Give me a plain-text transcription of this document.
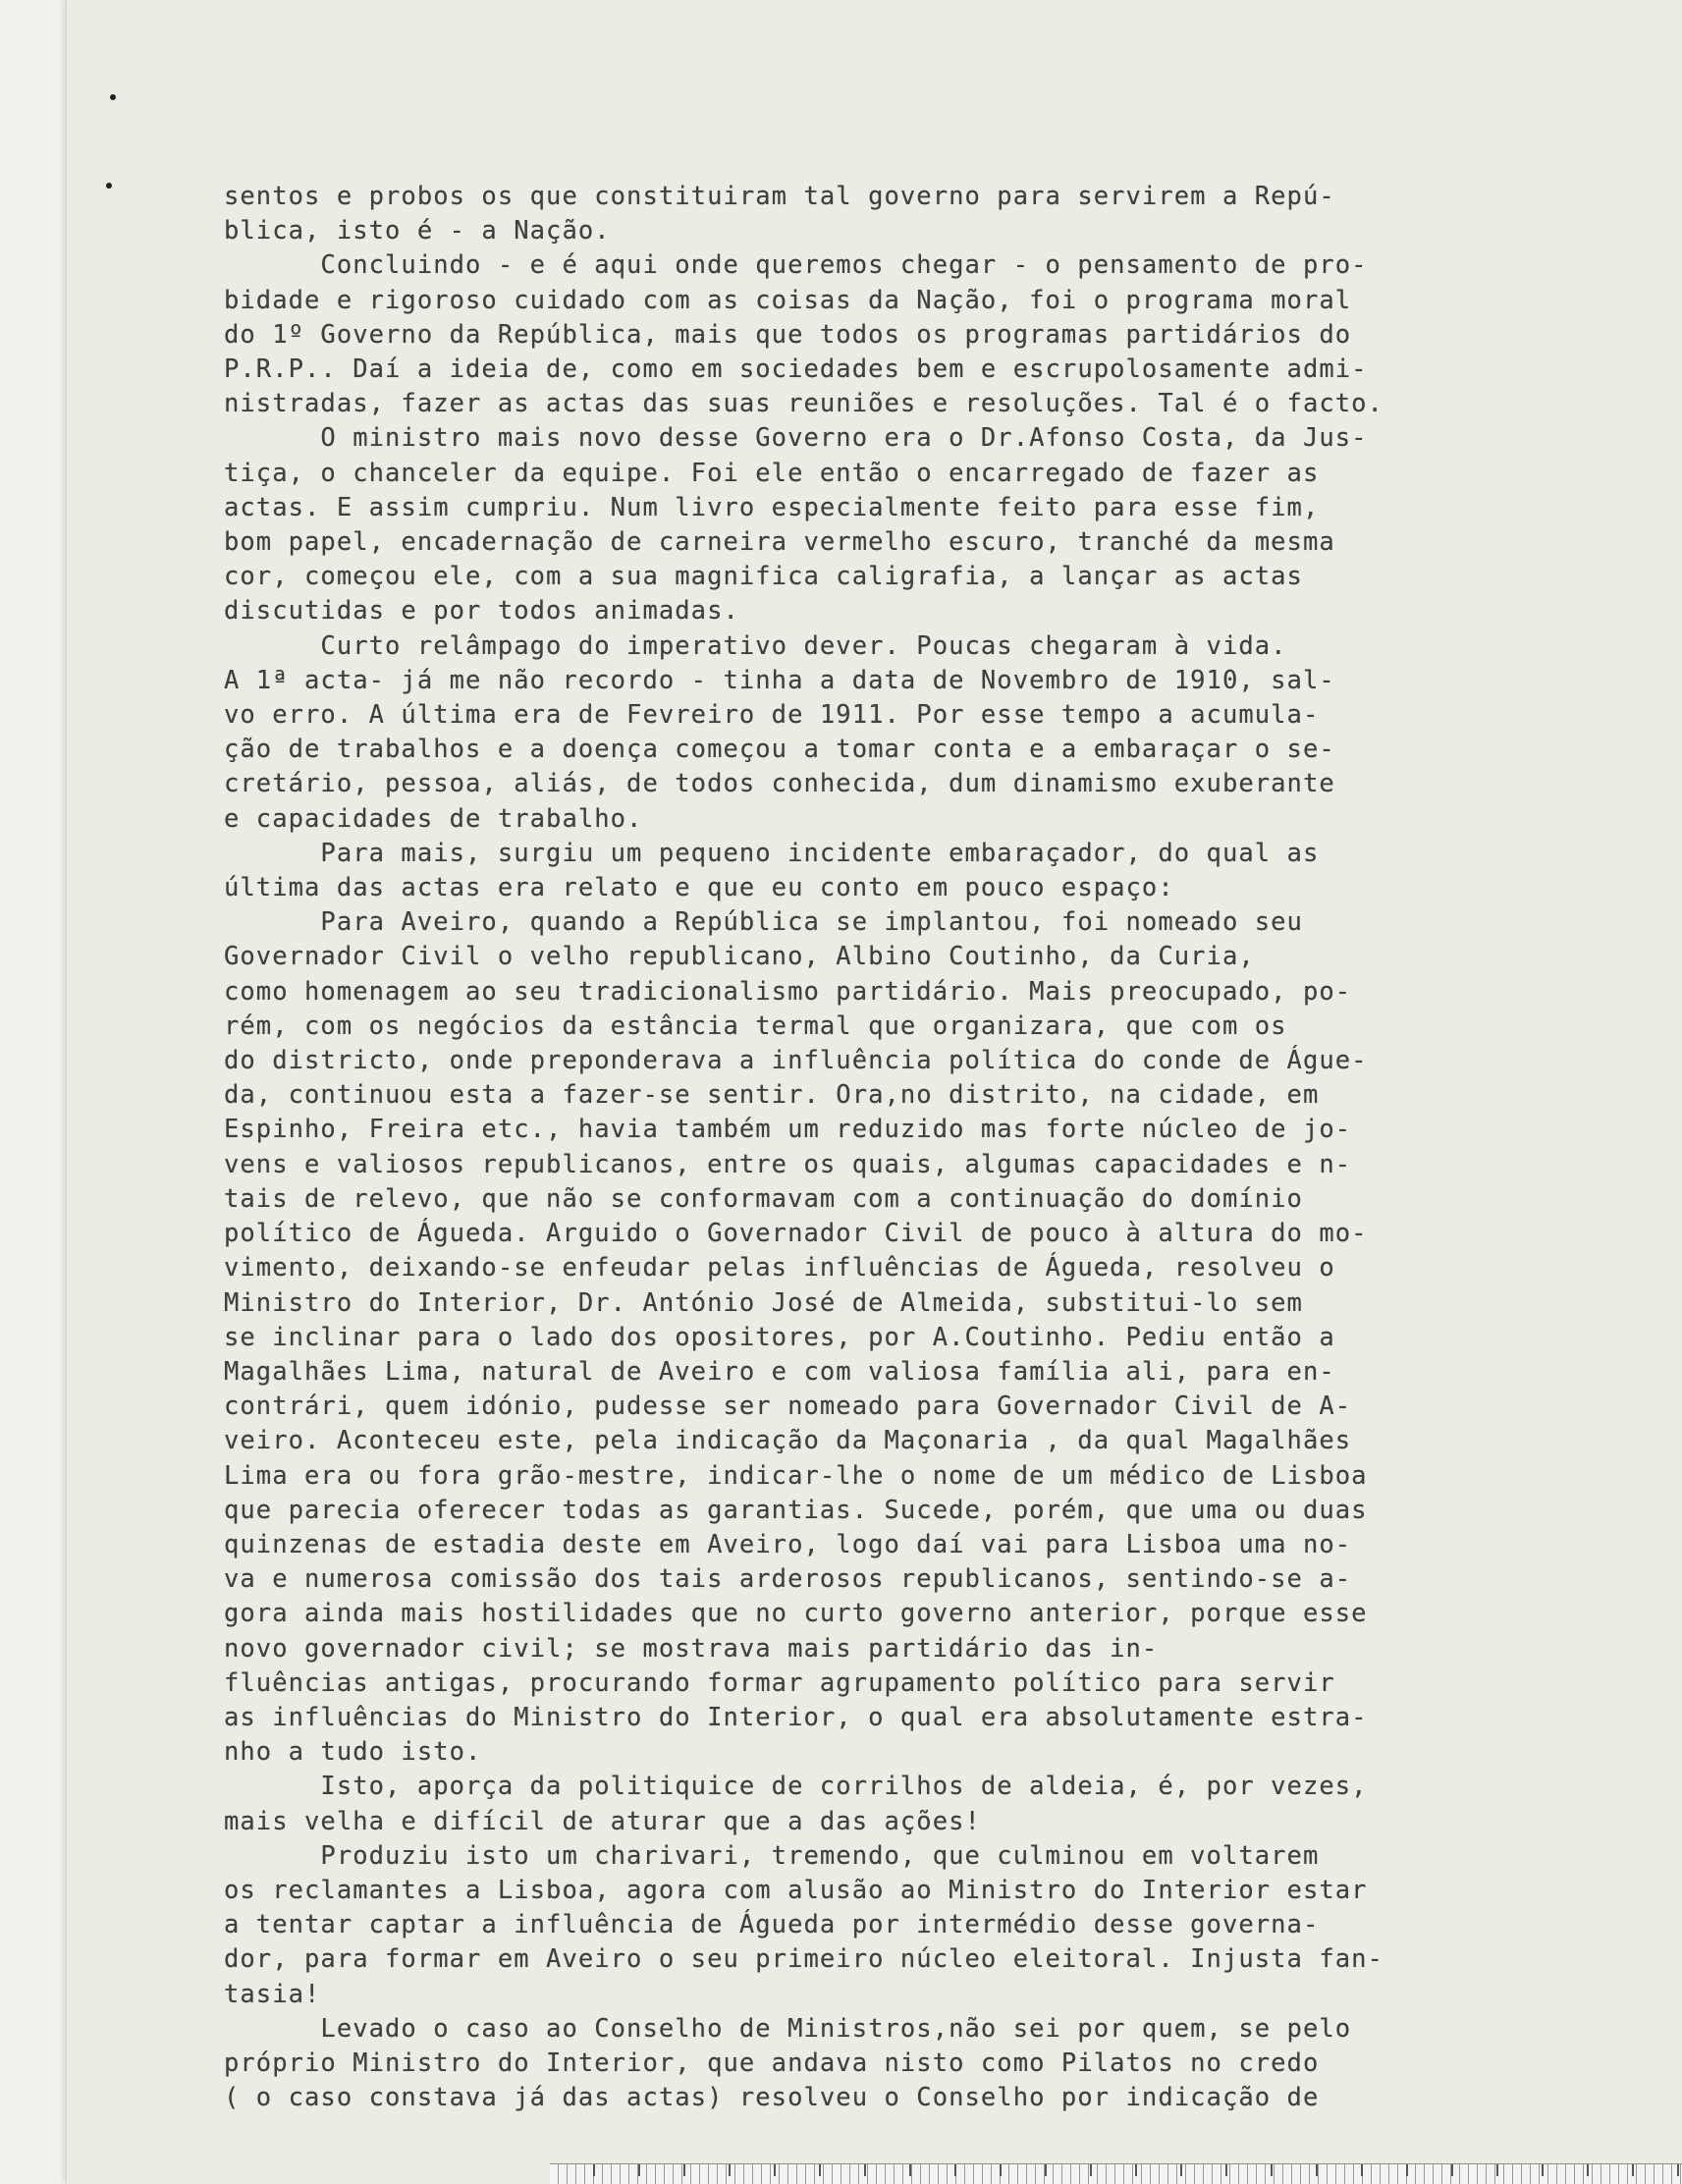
sentos e probos os que constituiram tal governo para servirem a Repú-
blica, isto é - a Nação.
Concluindo - e é aqui onde queremos chegar - o pensamento de pro-
bidade e rigoroso cuidado com as coisas da Nação, foi o programa moral
do 1º Governo da República, mais que todos os programas partidários do
P.R.P.. Daí a ideia de, como em sociedades bem e escrupolosamente admi-
nistradas, fazer as actas das suas reuniões e resoluções. Tal é o facto.
O ministro mais novo desse Governo era o Dr.Afonso Costa, da Jus-
tiça, o chanceler da equipe. Foi ele então o encarregado de fazer as
actas. E assim cumpriu. Num livro especialmente feito para esse fim,
bom papel, encadernação de carneira vermelho escuro, tranché da mesma
cor, começou ele, com a sua magnifica caligrafia, a lançar as actas
discutidas e por todos animadas.
Curto relâmpago do imperativo dever. Poucas chegaram à vida.
A 1ª acta- já me não recordo - tinha a data de Novembro de 1910, sal-
vo erro. A última era de Fevreiro de 1911. Por esse tempo a acumula-
ção de trabalhos e a doença começou a tomar conta e a embaraçar o se-
cretário, pessoa, aliás, de todos conhecida, dum dinamismo exuberante
e capacidades de trabalho.
Para mais, surgiu um pequeno incidente embaraçador, do qual as
última das actas era relato e que eu conto em pouco espaço:
Para Aveiro, quando a República se implantou, foi nomeado seu
Governador Civil o velho republicano, Albino Coutinho, da Curia,
como homenagem ao seu tradicionalismo partidário. Mais preocupado, po-
rém, com os negócios da estância termal que organizara, que com os
do districto, onde preponderava a influência política do conde de Águe-
da, continuou esta a fazer-se sentir. Ora,no distrito, na cidade, em
Espinho, Freira etc., havia também um reduzido mas forte núcleo de jo-
vens e valiosos republicanos, entre os quais, algumas capacidades e n-
tais de relevo, que não se conformavam com a continuação do domínio
político de Águeda. Arguido o Governador Civil de pouco à altura do mo-
vimento, deixando-se enfeudar pelas influências de Águeda, resolveu o
Ministro do Interior, Dr. António José de Almeida, substitui-lo sem
se inclinar para o lado dos opositores, por A.Coutinho. Pediu então a
Magalhães Lima, natural de Aveiro e com valiosa família ali, para en-
contrári, quem idónio, pudesse ser nomeado para Governador Civil de A-
veiro. Aconteceu este, pela indicação da Maçonaria , da qual Magalhães
Lima era ou fora grão-mestre, indicar-lhe o nome de um médico de Lisboa
que parecia oferecer todas as garantias. Sucede, porém, que uma ou duas
quinzenas de estadia deste em Aveiro, logo daí vai para Lisboa uma no-
va e numerosa comissão dos tais arderosos republicanos, sentindo-se a-
gora ainda mais hostilidades que no curto governo anterior, porque esse
novo governador civil; se mostrava mais partidário das in-
fluências antigas, procurando formar agrupamento político para servir
as influências do Ministro do Interior, o qual era absolutamente estra-
nho a tudo isto.
Isto, aporça da politiquice de corrilhos de aldeia, é, por vezes,
mais velha e difícil de aturar que a das ações!
Produziu isto um charivari, tremendo, que culminou em voltarem
os reclamantes a Lisboa, agora com alusão ao Ministro do Interior estar
a tentar captar a influência de Águeda por intermédio desse governa-
dor, para formar em Aveiro o seu primeiro núcleo eleitoral. Injusta fan-
tasia!
Levado o caso ao Conselho de Ministros,não sei por quem, se pelo
próprio Ministro do Interior, que andava nisto como Pilatos no credo
( o caso constava já das actas) resolveu o Conselho por indicação de
